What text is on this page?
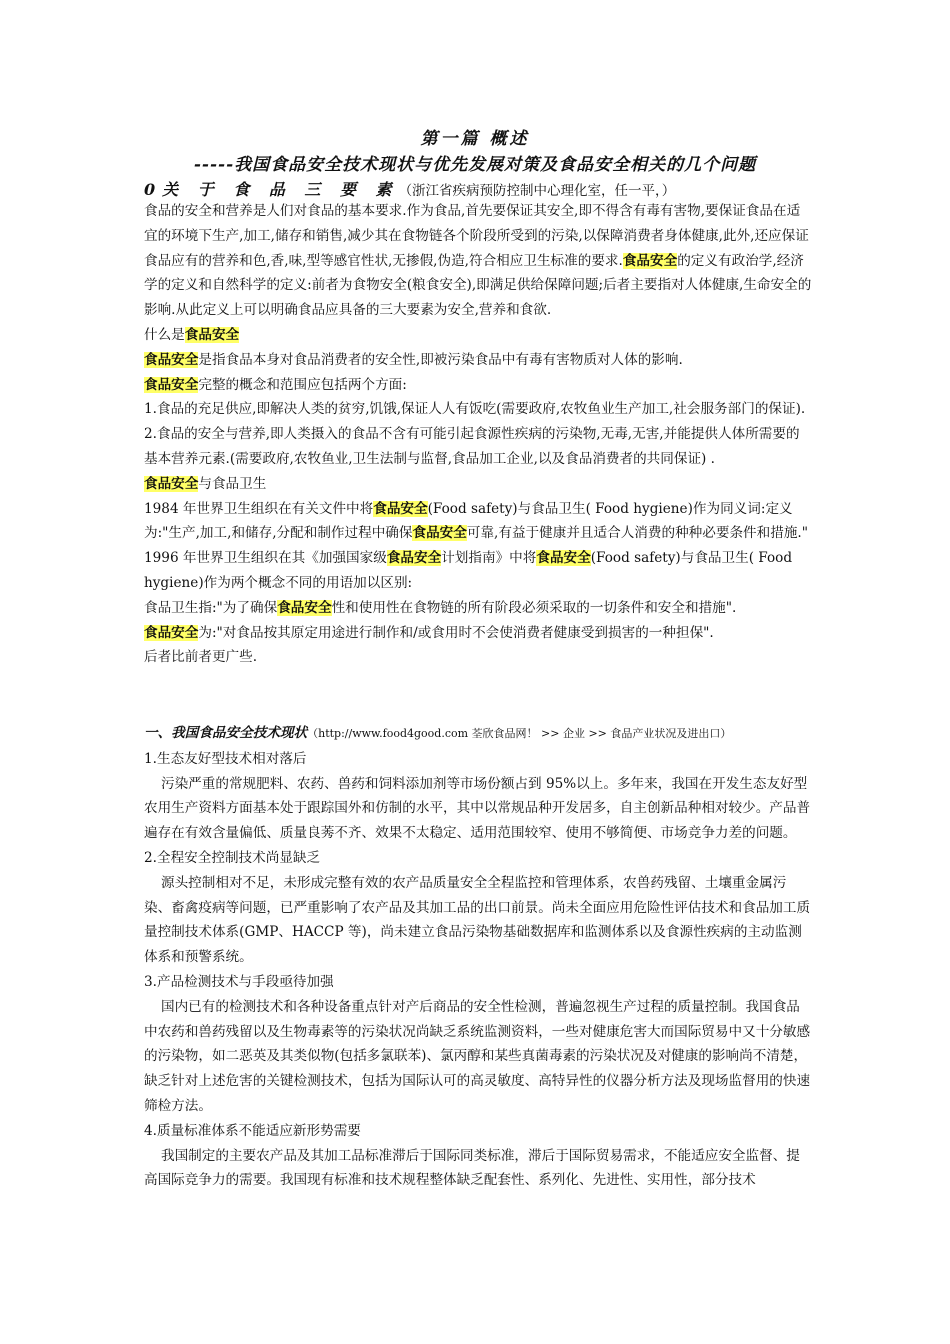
第一篇 概述
-----我国食品安全技术现状与优先发展对策及食品安全相关的几个问题
0关 于 食 品 三 要 素（浙江省疾病预防控制中心理化室，任一平，）

食品的安全和营养是人们对食品的基本要求.作为食品,首先要保证其安全,即不得含有毒有害物,要保证食品在适宜的环境下生产,加工,储存和销售,减少其在食物链各个阶段所受到的污染,以保障消费者身体健康,此外,还应保证食品应有的营养和色,香,味,型等感官性状,无掺假,伪造,符合相应卫生标准的要求.食品安全的定义有政治学,经济学的定义和自然科学的定义:前者为食物安全(粮食安全),即满足供给保障问题;后者主要指对人体健康,生命安全的影响.从此定义上可以明确食品应具备的三大要素为安全,营养和食欲.

什么是食品安全

食品安全是指食品本身对食品消费者的安全性,即被污染食品中有毒有害物质对人体的影响.

食品安全完整的概念和范围应包括两个方面:

1.食品的充足供应,即解决人类的贫穷,饥饿,保证人人有饭吃(需要政府,农牧鱼业生产加工,社会服务部门的保证).

2.食品的安全与营养,即人类摄入的食品不含有可能引起食源性疾病的污染物,无毒,无害,并能提供人体所需要的基本营养元素.(需要政府,农牧鱼业,卫生法制与监督,食品加工企业,以及食品消费者的共同保证) .

食品安全与食品卫生

1984 年世界卫生组织在有关文件中将食品安全(Food safety)与食品卫生( Food hygiene)作为同义词:定义为:"生产,加工,和储存,分配和制作过程中确保食品安全可靠,有益于健康并且适合人消费的种种必要条件和措施."

1996 年世界卫生组织在其《加强国家级食品安全计划指南》中将食品安全(Food safety)与食品卫生( Food hygiene)作为两个概念不同的用语加以区别:

食品卫生指:"为了确保食品安全性和使用性在食物链的所有阶段必须采取的一切条件和安全和措施".

食品安全为:"对食品按其原定用途进行制作和/或食用时不会使消费者健康受到损害的一种担保".

后者比前者更广些.

一、我国食品安全技术现状（http://www.food4good.com 荃欣食品网！ >> 企业 >> 食品产业状况及进出口）

1.生态友好型技术相对落后

污染严重的常规肥料、农药、兽药和饲料添加剂等市场份额占到 95%以上。多年来，我国在开发生态友好型农用生产资料方面基本处于跟踪国外和仿制的水平，其中以常规品种开发居多，自主创新品种相对较少。产品普遍存在有效含量偏低、质量良莠不齐、效果不太稳定、适用范围较窄、使用不够简便、市场竞争力差的问题。

2.全程安全控制技术尚显缺乏

源头控制相对不足，未形成完整有效的农产品质量安全全程监控和管理体系，农兽药残留、土壤重金属污染、畜禽疫病等问题，已严重影响了农产品及其加工品的出口前景。尚未全面应用危险性评估技术和食品加工质量控制技术体系(GMP、HACCP 等)，尚未建立食品污染物基础数据库和监测体系以及食源性疾病的主动监测体系和预警系统。

3.产品检测技术与手段亟待加强

国内已有的检测技术和各种设备重点针对产后商品的安全性检测，普遍忽视生产过程的质量控制。我国食品中农药和兽药残留以及生物毒素等的污染状况尚缺乏系统监测资料，一些对健康危害大而国际贸易中又十分敏感的污染物，如二恶英及其类似物(包括多氯联苯)、氯丙醇和某些真菌毒素的污染状况及对健康的影响尚不清楚，缺乏针对上述危害的关键检测技术，包括为国际认可的高灵敏度、高特异性的仪器分析方法及现场监督用的快速筛检方法。

4.质量标准体系不能适应新形势需要

我国制定的主要农产品及其加工品标准滞后于国际同类标准，滞后于国际贸易需求，不能适应安全监督、提高国际竞争力的需要。我国现有标准和技术规程整体缺乏配套性、系列化、先进性、实用性，部分技术
